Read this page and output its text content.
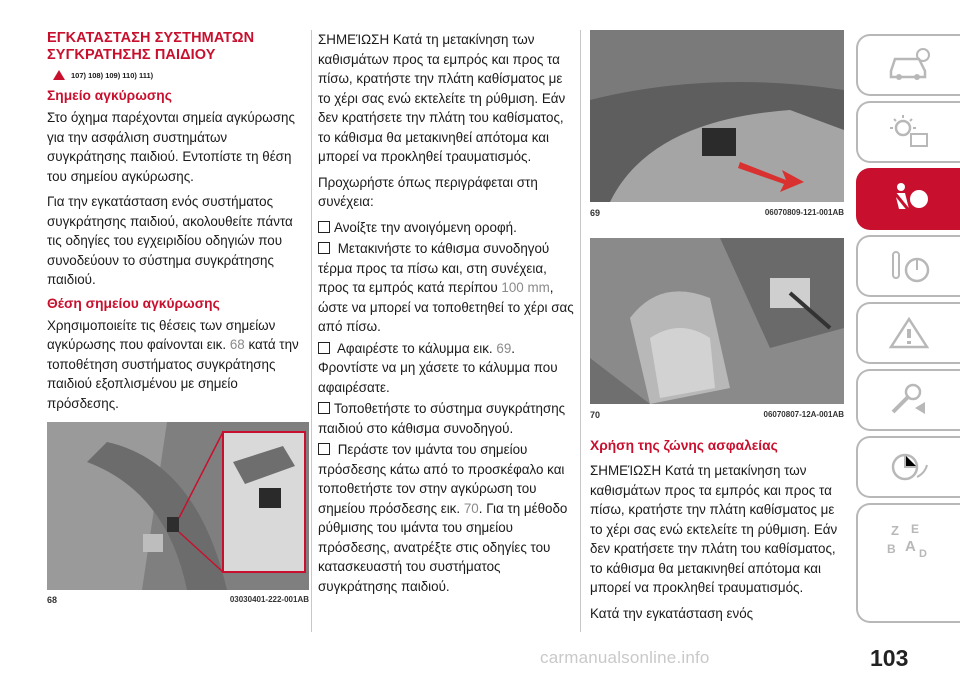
ΕΓΚΑΤΑΣΤΑΣΗ ΣΥΣΤΗΜΑΤΩΝ
ΣΥΓΚΡΑΤΗΣΗΣ ΠΑΙΔΙΟΥ
107) 108) 109) 110) 111)
Σημείο αγκύρωσης

Στο όχημα παρέχονται σημεία αγκύρωσης για την ασφάλιση συστημάτων συγκράτησης παιδιού. Εντοπίστε τη θέση του σημείου αγκύρωσης.

Για την εγκατάσταση ενός συστήματος συγκράτησης παιδιού, ακολουθείτε πάντα τις οδηγίες του εγχειριδίου οδηγιών που συνοδεύουν το σύστημα συγκράτησης παιδιού.

Θέση σημείου αγκύρωσης

Χρησιμοποιείτε τις θέσεις των σημείων αγκύρωσης που φαίνονται εικ. 68 κατά την τοποθέτηση συστήματος συγκράτησης παιδιού εξοπλισμένου με σημείο πρόσδεσης.

68	03030401-222-001AB

ΣΗΜΕΊΩΣΗ Κατά τη μετακίνηση των καθισμάτων προς τα εμπρός και προς τα πίσω, κρατήστε την πλάτη καθίσματος με το χέρι σας ενώ εκτελείτε τη ρύθμιση. Εάν δεν κρατήσετε την πλάτη του καθίσματος, το κάθισμα θα μετακινηθεί απότομα και μπορεί να προκληθεί τραυματισμός.

Προχωρήστε όπως περιγράφεται στη συνέχεια:

Ανοίξτε την ανοιγόμενη οροφή.

Μετακινήστε το κάθισμα συνοδηγού τέρμα προς τα πίσω και, στη συνέχεια, προς τα εμπρός κατά περίπου 100 mm, ώστε να μπορεί να τοποθετηθεί το χέρι σας από πίσω.

Αφαιρέστε το κάλυμμα εικ. 69. Φροντίστε να μη χάσετε το κάλυμμα που αφαιρέσατε.

Τοποθετήστε το σύστημα συγκράτησης παιδιού στο κάθισμα συνοδηγού.

Περάστε τον ιμάντα του σημείου πρόσδεσης κάτω από το προσκέφαλο και τοποθετήστε τον στην αγκύρωση του σημείου πρόσδεσης εικ. 70. Για τη μέθοδο ρύθμισης του ιμάντα του σημείου πρόσδεσης, ανατρέξτε στις οδηγίες του κατασκευαστή του συστήματος συγκράτησης παιδιού.

69	06070809-121-001AB
70	06070807-12A-001AB
Χρήση της ζώνης ασφαλείας

ΣΗΜΕΊΩΣΗ Κατά τη μετακίνηση των καθισμάτων προς τα εμπρός και προς τα πίσω, κρατήστε την πλάτη καθίσματος με το χέρι σας ενώ εκτελείτε τη ρύθμιση. Εάν δεν κρατήσετε την πλάτη του καθίσματος, το κάθισμα θα μετακινηθεί απότομα και μπορεί να προκληθεί τραυματισμός.

Κατά την εγκατάσταση ενός

Z E
B A D
carmanualsonline.info	103
